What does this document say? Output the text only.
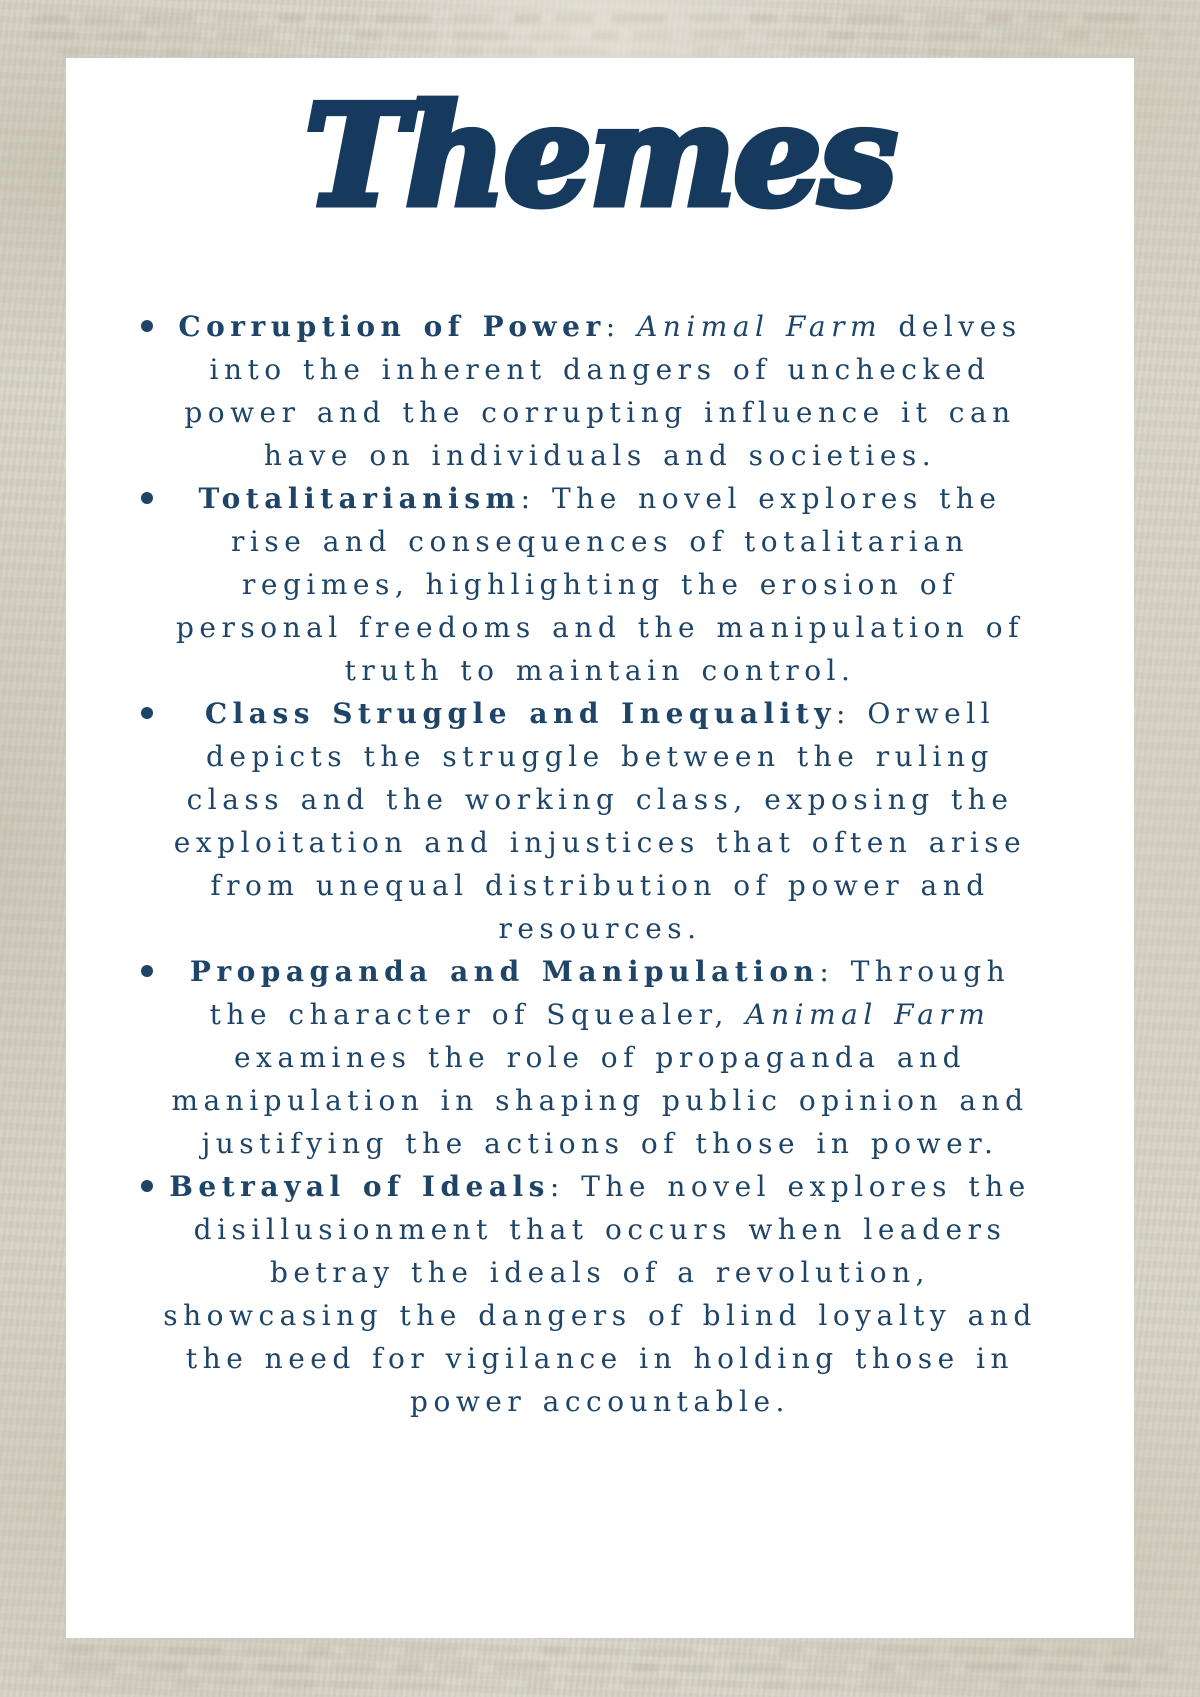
Themes

Corruption of Power: Animal Farm delves into the inherent dangers of unchecked power and the corrupting influence it can have on individuals and societies.

Totalitarianism: The novel explores the rise and consequences of totalitarian regimes, highlighting the erosion of personal freedoms and the manipulation of truth to maintain control.

Class Struggle and Inequality: Orwell depicts the struggle between the ruling class and the working class, exposing the exploitation and injustices that often arise from unequal distribution of power and resources.

Propaganda and Manipulation: Through the character of Squealer, Animal Farm examines the role of propaganda and manipulation in shaping public opinion and justifying the actions of those in power.

Betrayal of Ideals: The novel explores the disillusionment that occurs when leaders betray the ideals of a revolution, showcasing the dangers of blind loyalty and the need for vigilance in holding those in power accountable.
